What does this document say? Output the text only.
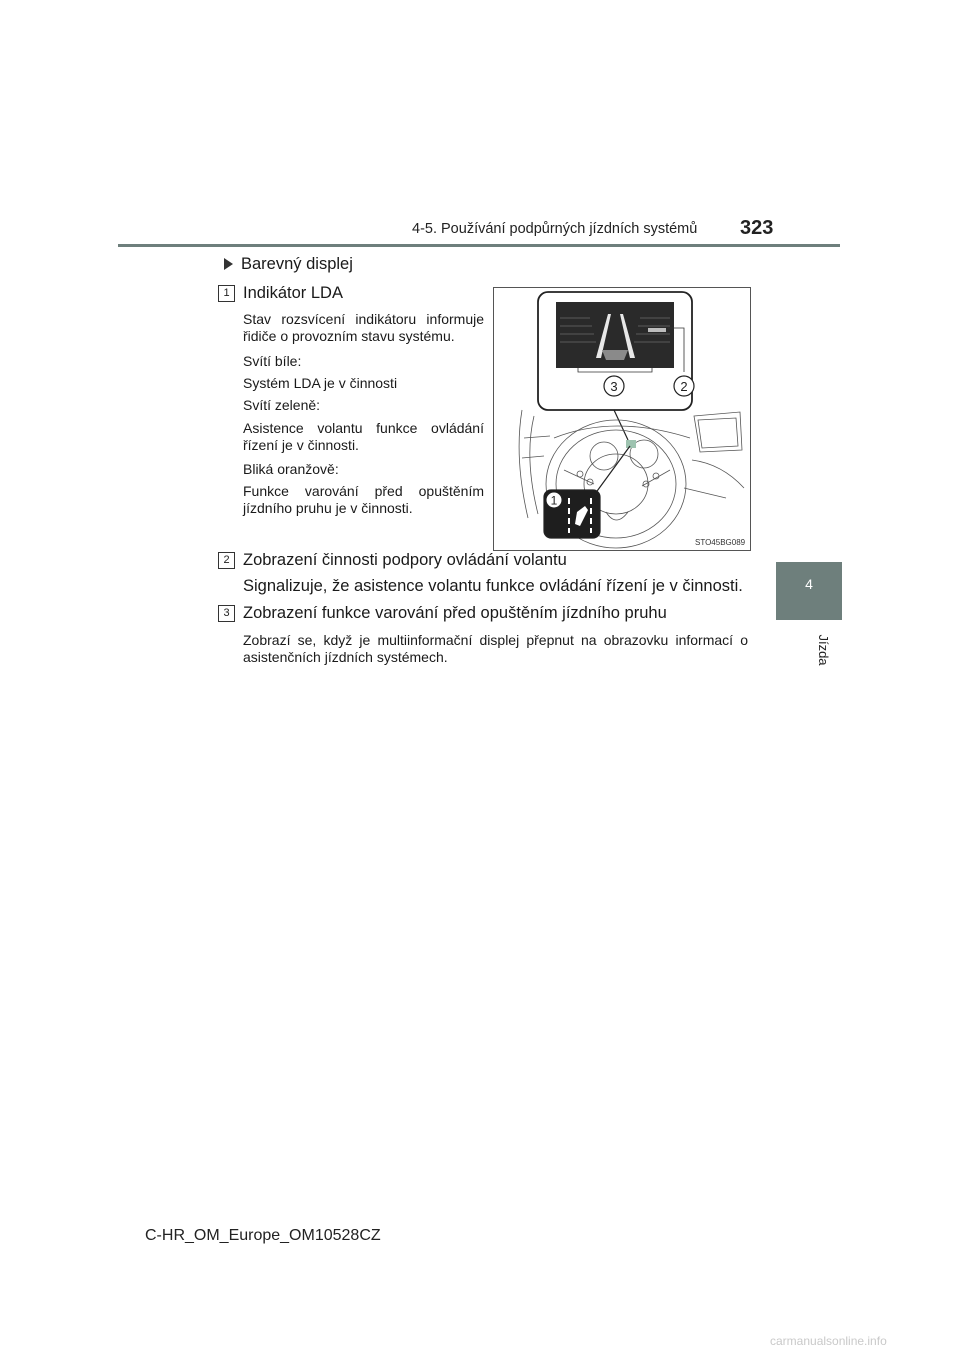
4-5. Používání podpůrných jízdních systémů 323
4
Jízda
Barevný displej
1 Indikátor LDA
Stav rozsvícení indikátoru informuje řidiče o provozním stavu systému.
Svítí bíle:
Systém LDA je v činnosti
Svítí zeleně:
Asistence volantu funkce ovládání řízení je v činnosti.
Bliká oranžově:
Funkce varování před opuštěním jízdního pruhu je v činnosti.
3	2
1
STO45BG089
2 Zobrazení činnosti podpory ovládání volantu
Signalizuje, že asistence volantu funkce ovládání řízení je v činnosti.
3 Zobrazení funkce varování před opuštěním jízdního pruhu
Zobrazí se, když je multiinformační displej přepnut na obrazovku informací o asistenčních jízdních systémech.
C-HR_OM_Europe_OM10528CZ
carmanualsonline.info
